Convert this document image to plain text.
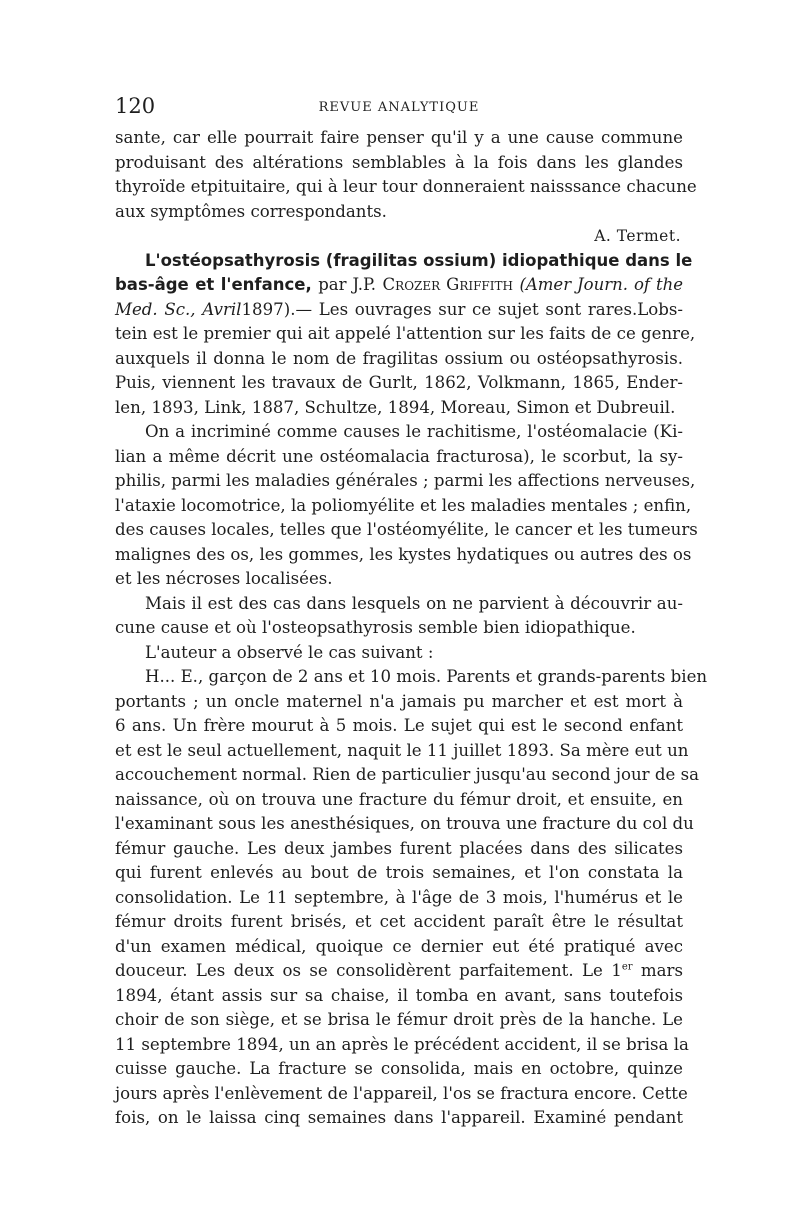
120	REVUE ANALYTIQUE
sante, car elle pourrait faire penser qu'il y a une cause commune
produisant des altérations semblables à la fois dans les glandes
thyroïde etpituitaire, qui à leur tour donneraient naisssance chacune
aux symptômes correspondants.
A. Termet.
L'ostéopsathyrosis (fragilitas ossium) idiopathique dans le
bas-âge et l'enfance, par J.P. Crozer Griffith (Amer Journ. of the
Med. Sc., Avril1897).— Les ouvrages sur ce sujet sont rares.Lobs-
tein est le premier qui ait appelé l'attention sur les faits de ce genre,
auxquels il donna le nom de fragilitas ossium ou ostéopsathyrosis.
Puis, viennent les travaux de Gurlt, 1862, Volkmann, 1865, Ender-
len, 1893, Link, 1887, Schultze, 1894, Moreau, Simon et Dubreuil.
On a incriminé comme causes le rachitisme, l'ostéomalacie (Ki-
lian a même décrit une ostéomalacia fracturosa), le scorbut, la sy-
philis, parmi les maladies générales ; parmi les affections nerveuses,
l'ataxie locomotrice, la poliomyélite et les maladies mentales ; enfin,
des causes locales, telles que l'ostéomyélite, le cancer et les tumeurs
malignes des os, les gommes, les kystes hydatiques ou autres des os
et les nécroses localisées.
Mais il est des cas dans lesquels on ne parvient à découvrir au-
cune cause et où l'osteopsathyrosis semble bien idiopathique.
L'auteur a observé le cas suivant :
H... E., garçon de 2 ans et 10 mois. Parents et grands-parents bien
portants ; un oncle maternel n'a jamais pu marcher et est mort à
6 ans. Un frère mourut à 5 mois. Le sujet qui est le second enfant
et est le seul actuellement, naquit le 11 juillet 1893. Sa mère eut un
accouchement normal. Rien de particulier jusqu'au second jour de sa
naissance, où on trouva une fracture du fémur droit, et ensuite, en
l'examinant sous les anesthésiques, on trouva une fracture du col du
fémur gauche. Les deux jambes furent placées dans des silicates
qui furent enlevés au bout de trois semaines, et l'on constata la
consolidation. Le 11 septembre, à l'âge de 3 mois, l'humérus et le
fémur droits furent brisés, et cet accident paraît être le résultat
d'un examen médical, quoique ce dernier eut été pratiqué avec
douceur. Les deux os se consolidèrent parfaitement. Le 1er mars
1894, étant assis sur sa chaise, il tomba en avant, sans toutefois
choir de son siège, et se brisa le fémur droit près de la hanche. Le
11 septembre 1894, un an après le précédent accident, il se brisa la
cuisse gauche. La fracture se consolida, mais en octobre, quinze
jours après l'enlèvement de l'appareil, l'os se fractura encore. Cette
fois, on le laissa cinq semaines dans l'appareil. Examiné pendant
